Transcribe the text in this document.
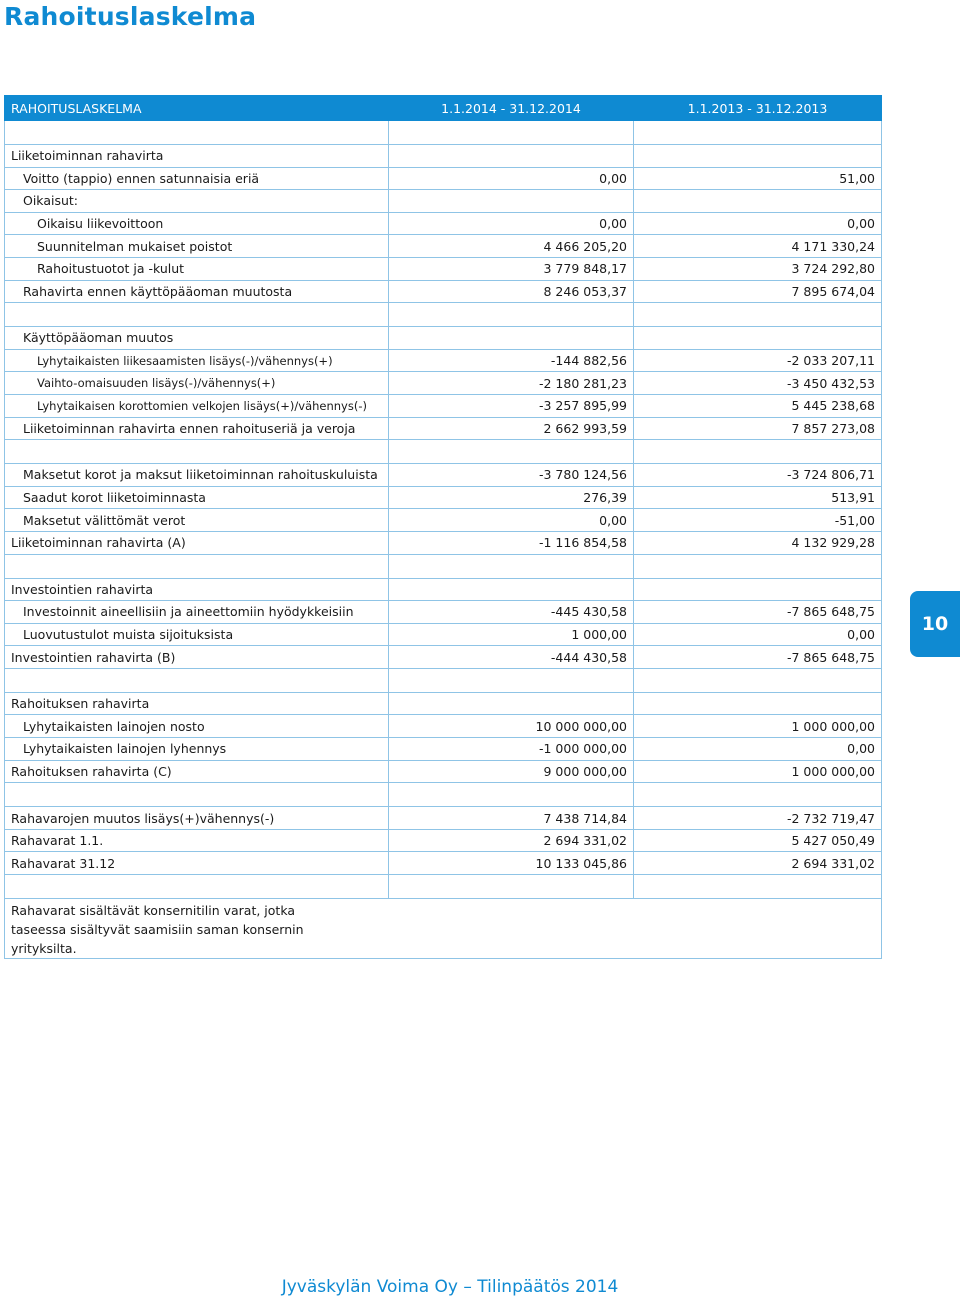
Rahoituslaskelma
RAHOITUSLASKELMA	1.1.2014 - 31.12.2014	1.1.2013 - 31.12.2013

Liiketoiminnan rahavirta		
Voitto (tappio) ennen satunnaisia eriä	0,00	51,00
Oikaisut:		
Oikaisu liikevoittoon	0,00	0,00
Suunnitelman mukaiset poistot	4 466 205,20	4 171 330,24
Rahoitustuotot ja -kulut	3 779 848,17	3 724 292,80
Rahavirta ennen käyttöpääoman muutosta	8 246 053,37	7 895 674,04

Käyttöpääoman muutos		
Lyhytaikaisten liikesaamisten lisäys(-)/vähennys(+)	-144 882,56	-2 033 207,11
Vaihto-omaisuuden lisäys(-)/vähennys(+)	-2 180 281,23	-3 450 432,53
Lyhytaikaisen korottomien velkojen lisäys(+)/vähennys(-)	-3 257 895,99	5 445 238,68
Liiketoiminnan rahavirta ennen rahoituseriä ja veroja	2 662 993,59	7 857 273,08

Maksetut korot ja maksut liiketoiminnan rahoituskuluista	-3 780 124,56	-3 724 806,71
Saadut korot liiketoiminnasta	276,39	513,91
Maksetut välittömät verot	0,00	-51,00
Liiketoiminnan rahavirta (A)	-1 116 854,58	4 132 929,28

Investointien rahavirta		
Investoinnit aineellisiin ja aineettomiin hyödykkeisiin	-445 430,58	-7 865 648,75
Luovutustulot muista sijoituksista	1 000,00	0,00
Investointien rahavirta (B)	-444 430,58	-7 865 648,75

Rahoituksen rahavirta		
Lyhytaikaisten lainojen nosto	10 000 000,00	1 000 000,00
Lyhytaikaisten lainojen lyhennys	-1 000 000,00	0,00
Rahoituksen rahavirta (C)	9 000 000,00	1 000 000,00

Rahavarojen muutos lisäys(+)vähennys(-)	7 438 714,84	-2 732 719,47
Rahavarat 1.1.	2 694 331,02	5 427 050,49
Rahavarat 31.12	10 133 045,86	2 694 331,02

Rahavarat sisältävät konsernitilin varat, jotka taseessa sisältyvät saamisiin saman konsernin yrityksilta.		
10
Jyväskylän Voima Oy – Tilinpäätös 2014
